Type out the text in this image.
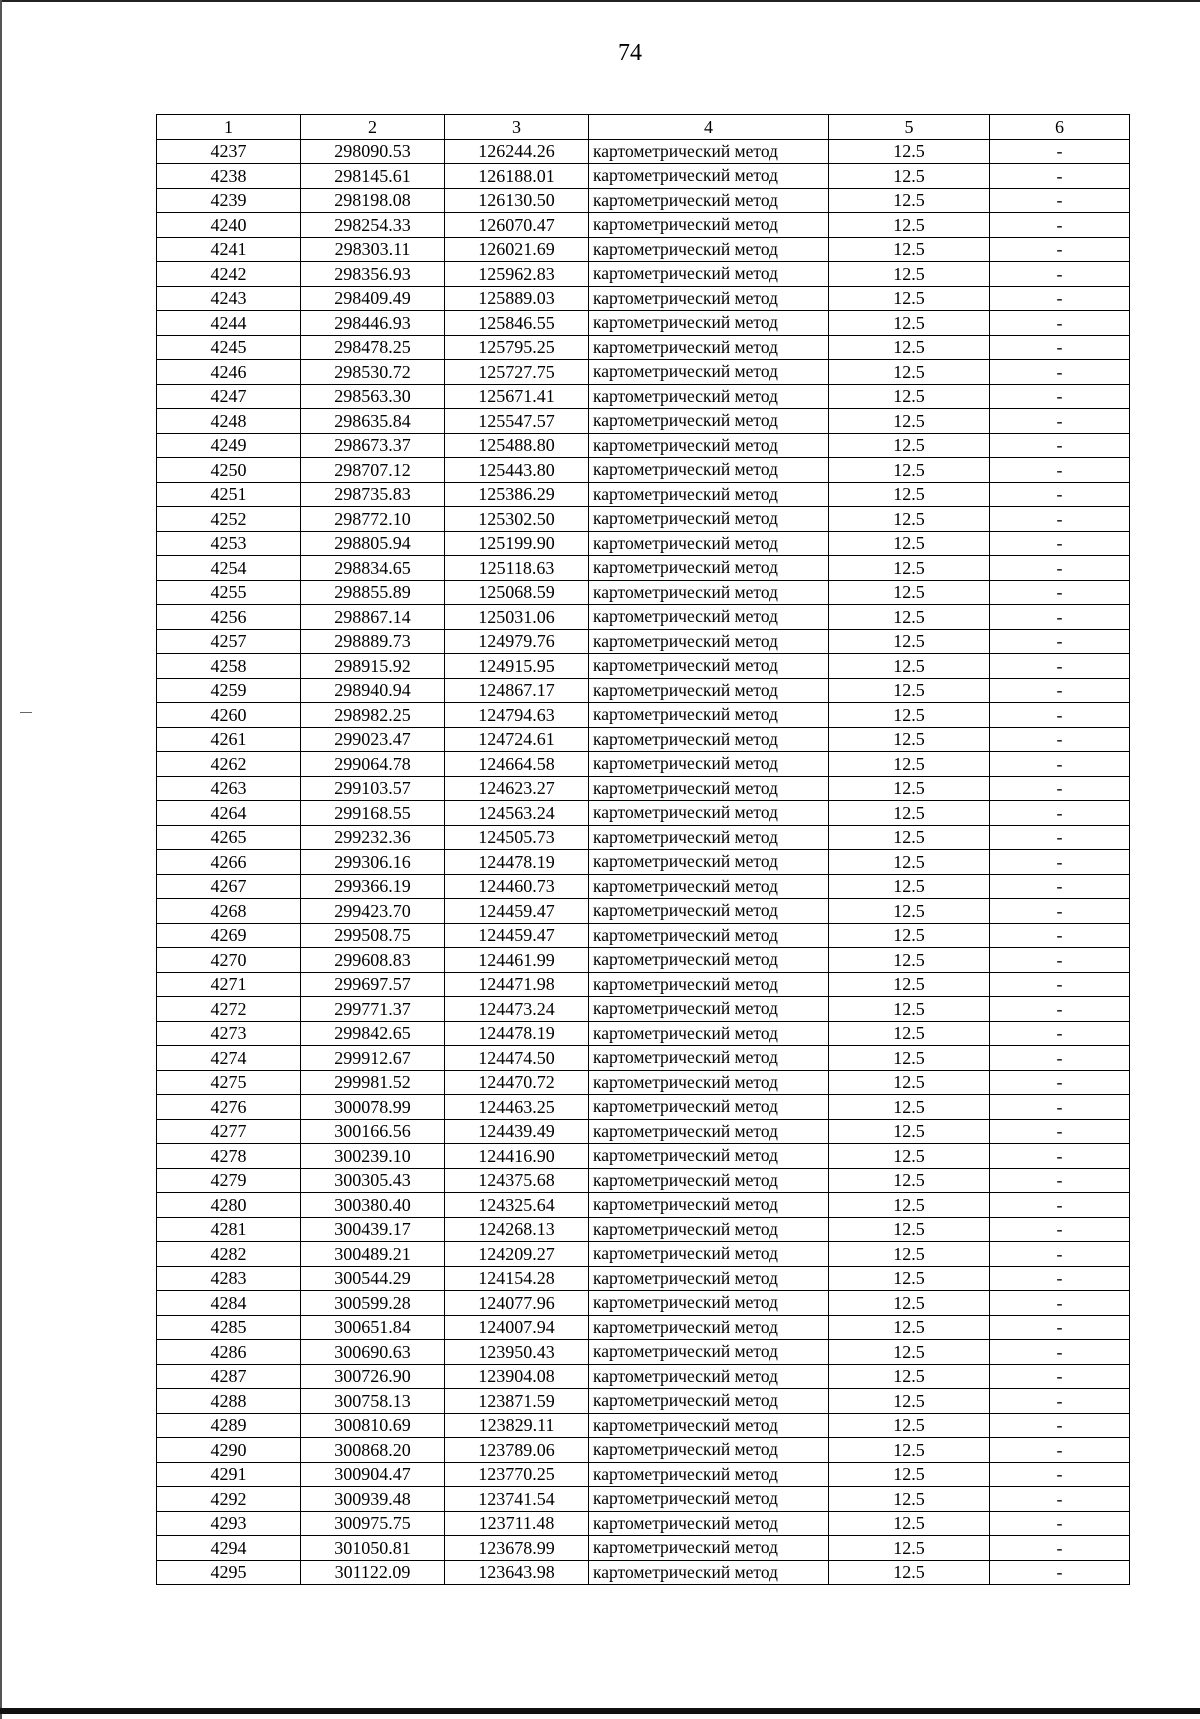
74
1	2	3	4	5	6
4237	298090.53	126244.26	картометрический метод	12.5	-
4238	298145.61	126188.01	картометрический метод	12.5	-
4239	298198.08	126130.50	картометрический метод	12.5	-
4240	298254.33	126070.47	картометрический метод	12.5	-
4241	298303.11	126021.69	картометрический метод	12.5	-
4242	298356.93	125962.83	картометрический метод	12.5	-
4243	298409.49	125889.03	картометрический метод	12.5	-
4244	298446.93	125846.55	картометрический метод	12.5	-
4245	298478.25	125795.25	картометрический метод	12.5	-
4246	298530.72	125727.75	картометрический метод	12.5	-
4247	298563.30	125671.41	картометрический метод	12.5	-
4248	298635.84	125547.57	картометрический метод	12.5	-
4249	298673.37	125488.80	картометрический метод	12.5	-
4250	298707.12	125443.80	картометрический метод	12.5	-
4251	298735.83	125386.29	картометрический метод	12.5	-
4252	298772.10	125302.50	картометрический метод	12.5	-
4253	298805.94	125199.90	картометрический метод	12.5	-
4254	298834.65	125118.63	картометрический метод	12.5	-
4255	298855.89	125068.59	картометрический метод	12.5	-
4256	298867.14	125031.06	картометрический метод	12.5	-
4257	298889.73	124979.76	картометрический метод	12.5	-
4258	298915.92	124915.95	картометрический метод	12.5	-
4259	298940.94	124867.17	картометрический метод	12.5	-
4260	298982.25	124794.63	картометрический метод	12.5	-
4261	299023.47	124724.61	картометрический метод	12.5	-
4262	299064.78	124664.58	картометрический метод	12.5	-
4263	299103.57	124623.27	картометрический метод	12.5	-
4264	299168.55	124563.24	картометрический метод	12.5	-
4265	299232.36	124505.73	картометрический метод	12.5	-
4266	299306.16	124478.19	картометрический метод	12.5	-
4267	299366.19	124460.73	картометрический метод	12.5	-
4268	299423.70	124459.47	картометрический метод	12.5	-
4269	299508.75	124459.47	картометрический метод	12.5	-
4270	299608.83	124461.99	картометрический метод	12.5	-
4271	299697.57	124471.98	картометрический метод	12.5	-
4272	299771.37	124473.24	картометрический метод	12.5	-
4273	299842.65	124478.19	картометрический метод	12.5	-
4274	299912.67	124474.50	картометрический метод	12.5	-
4275	299981.52	124470.72	картометрический метод	12.5	-
4276	300078.99	124463.25	картометрический метод	12.5	-
4277	300166.56	124439.49	картометрический метод	12.5	-
4278	300239.10	124416.90	картометрический метод	12.5	-
4279	300305.43	124375.68	картометрический метод	12.5	-
4280	300380.40	124325.64	картометрический метод	12.5	-
4281	300439.17	124268.13	картометрический метод	12.5	-
4282	300489.21	124209.27	картометрический метод	12.5	-
4283	300544.29	124154.28	картометрический метод	12.5	-
4284	300599.28	124077.96	картометрический метод	12.5	-
4285	300651.84	124007.94	картометрический метод	12.5	-
4286	300690.63	123950.43	картометрический метод	12.5	-
4287	300726.90	123904.08	картометрический метод	12.5	-
4288	300758.13	123871.59	картометрический метод	12.5	-
4289	300810.69	123829.11	картометрический метод	12.5	-
4290	300868.20	123789.06	картометрический метод	12.5	-
4291	300904.47	123770.25	картометрический метод	12.5	-
4292	300939.48	123741.54	картометрический метод	12.5	-
4293	300975.75	123711.48	картометрический метод	12.5	-
4294	301050.81	123678.99	картометрический метод	12.5	-
4295	301122.09	123643.98	картометрический метод	12.5	-
